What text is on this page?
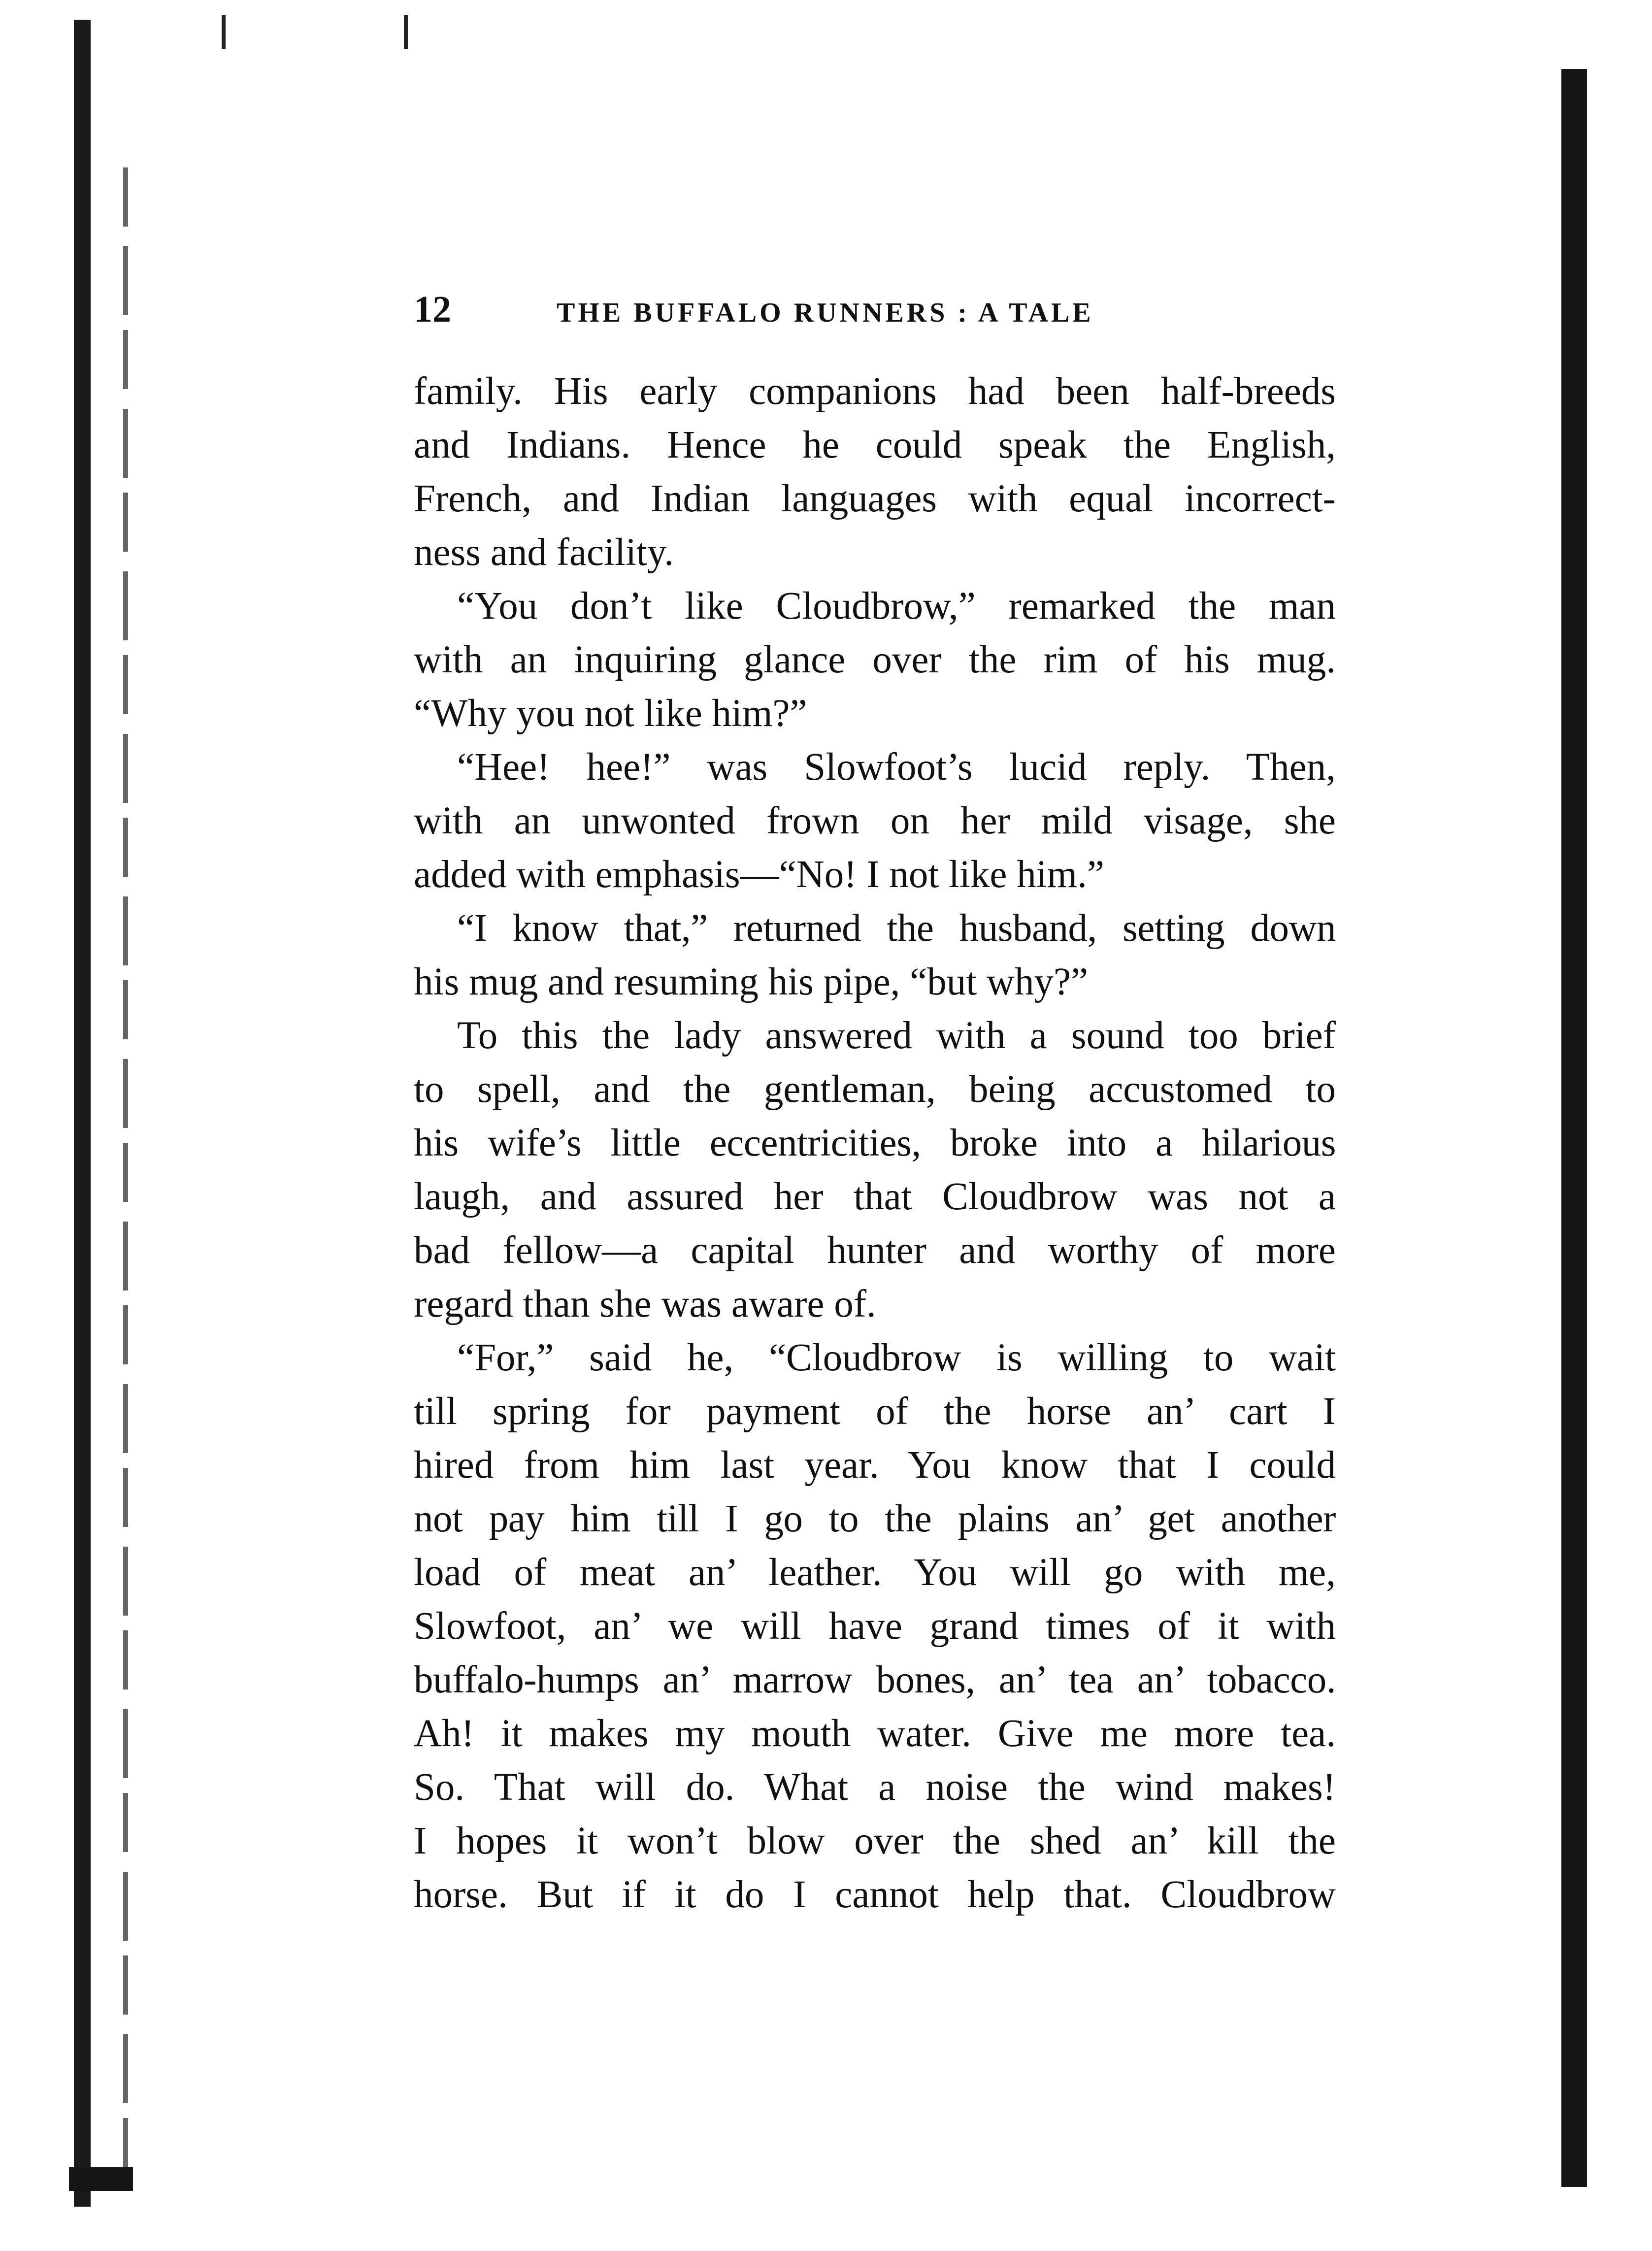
12	THE BUFFALO RUNNERS : A TALE
family. His early companions had been half-breeds
and Indians. Hence he could speak the English,
French, and Indian languages with equal incorrect-
ness and facility.
“You don’t like Cloudbrow,” remarked the man
with an inquiring glance over the rim of his mug.
“Why you not like him?”
“Hee! hee!” was Slowfoot’s lucid reply. Then,
with an unwonted frown on her mild visage, she
added with emphasis—“No! I not like him.”
“I know that,” returned the husband, setting down
his mug and resuming his pipe, “but why?”
To this the lady answered with a sound too brief
to spell, and the gentleman, being accustomed to
his wife’s little eccentricities, broke into a hilarious
laugh, and assured her that Cloudbrow was not a
bad fellow—a capital hunter and worthy of more
regard than she was aware of.
“For,” said he, “Cloudbrow is willing to wait
till spring for payment of the horse an’ cart I
hired from him last year. You know that I could
not pay him till I go to the plains an’ get another
load of meat an’ leather. You will go with me,
Slowfoot, an’ we will have grand times of it with
buffalo-humps an’ marrow bones, an’ tea an’ tobacco.
Ah! it makes my mouth water. Give me more tea.
So. That will do. What a noise the wind makes!
I hopes it won’t blow over the shed an’ kill the
horse. But if it do I cannot help that. Cloudbrow
